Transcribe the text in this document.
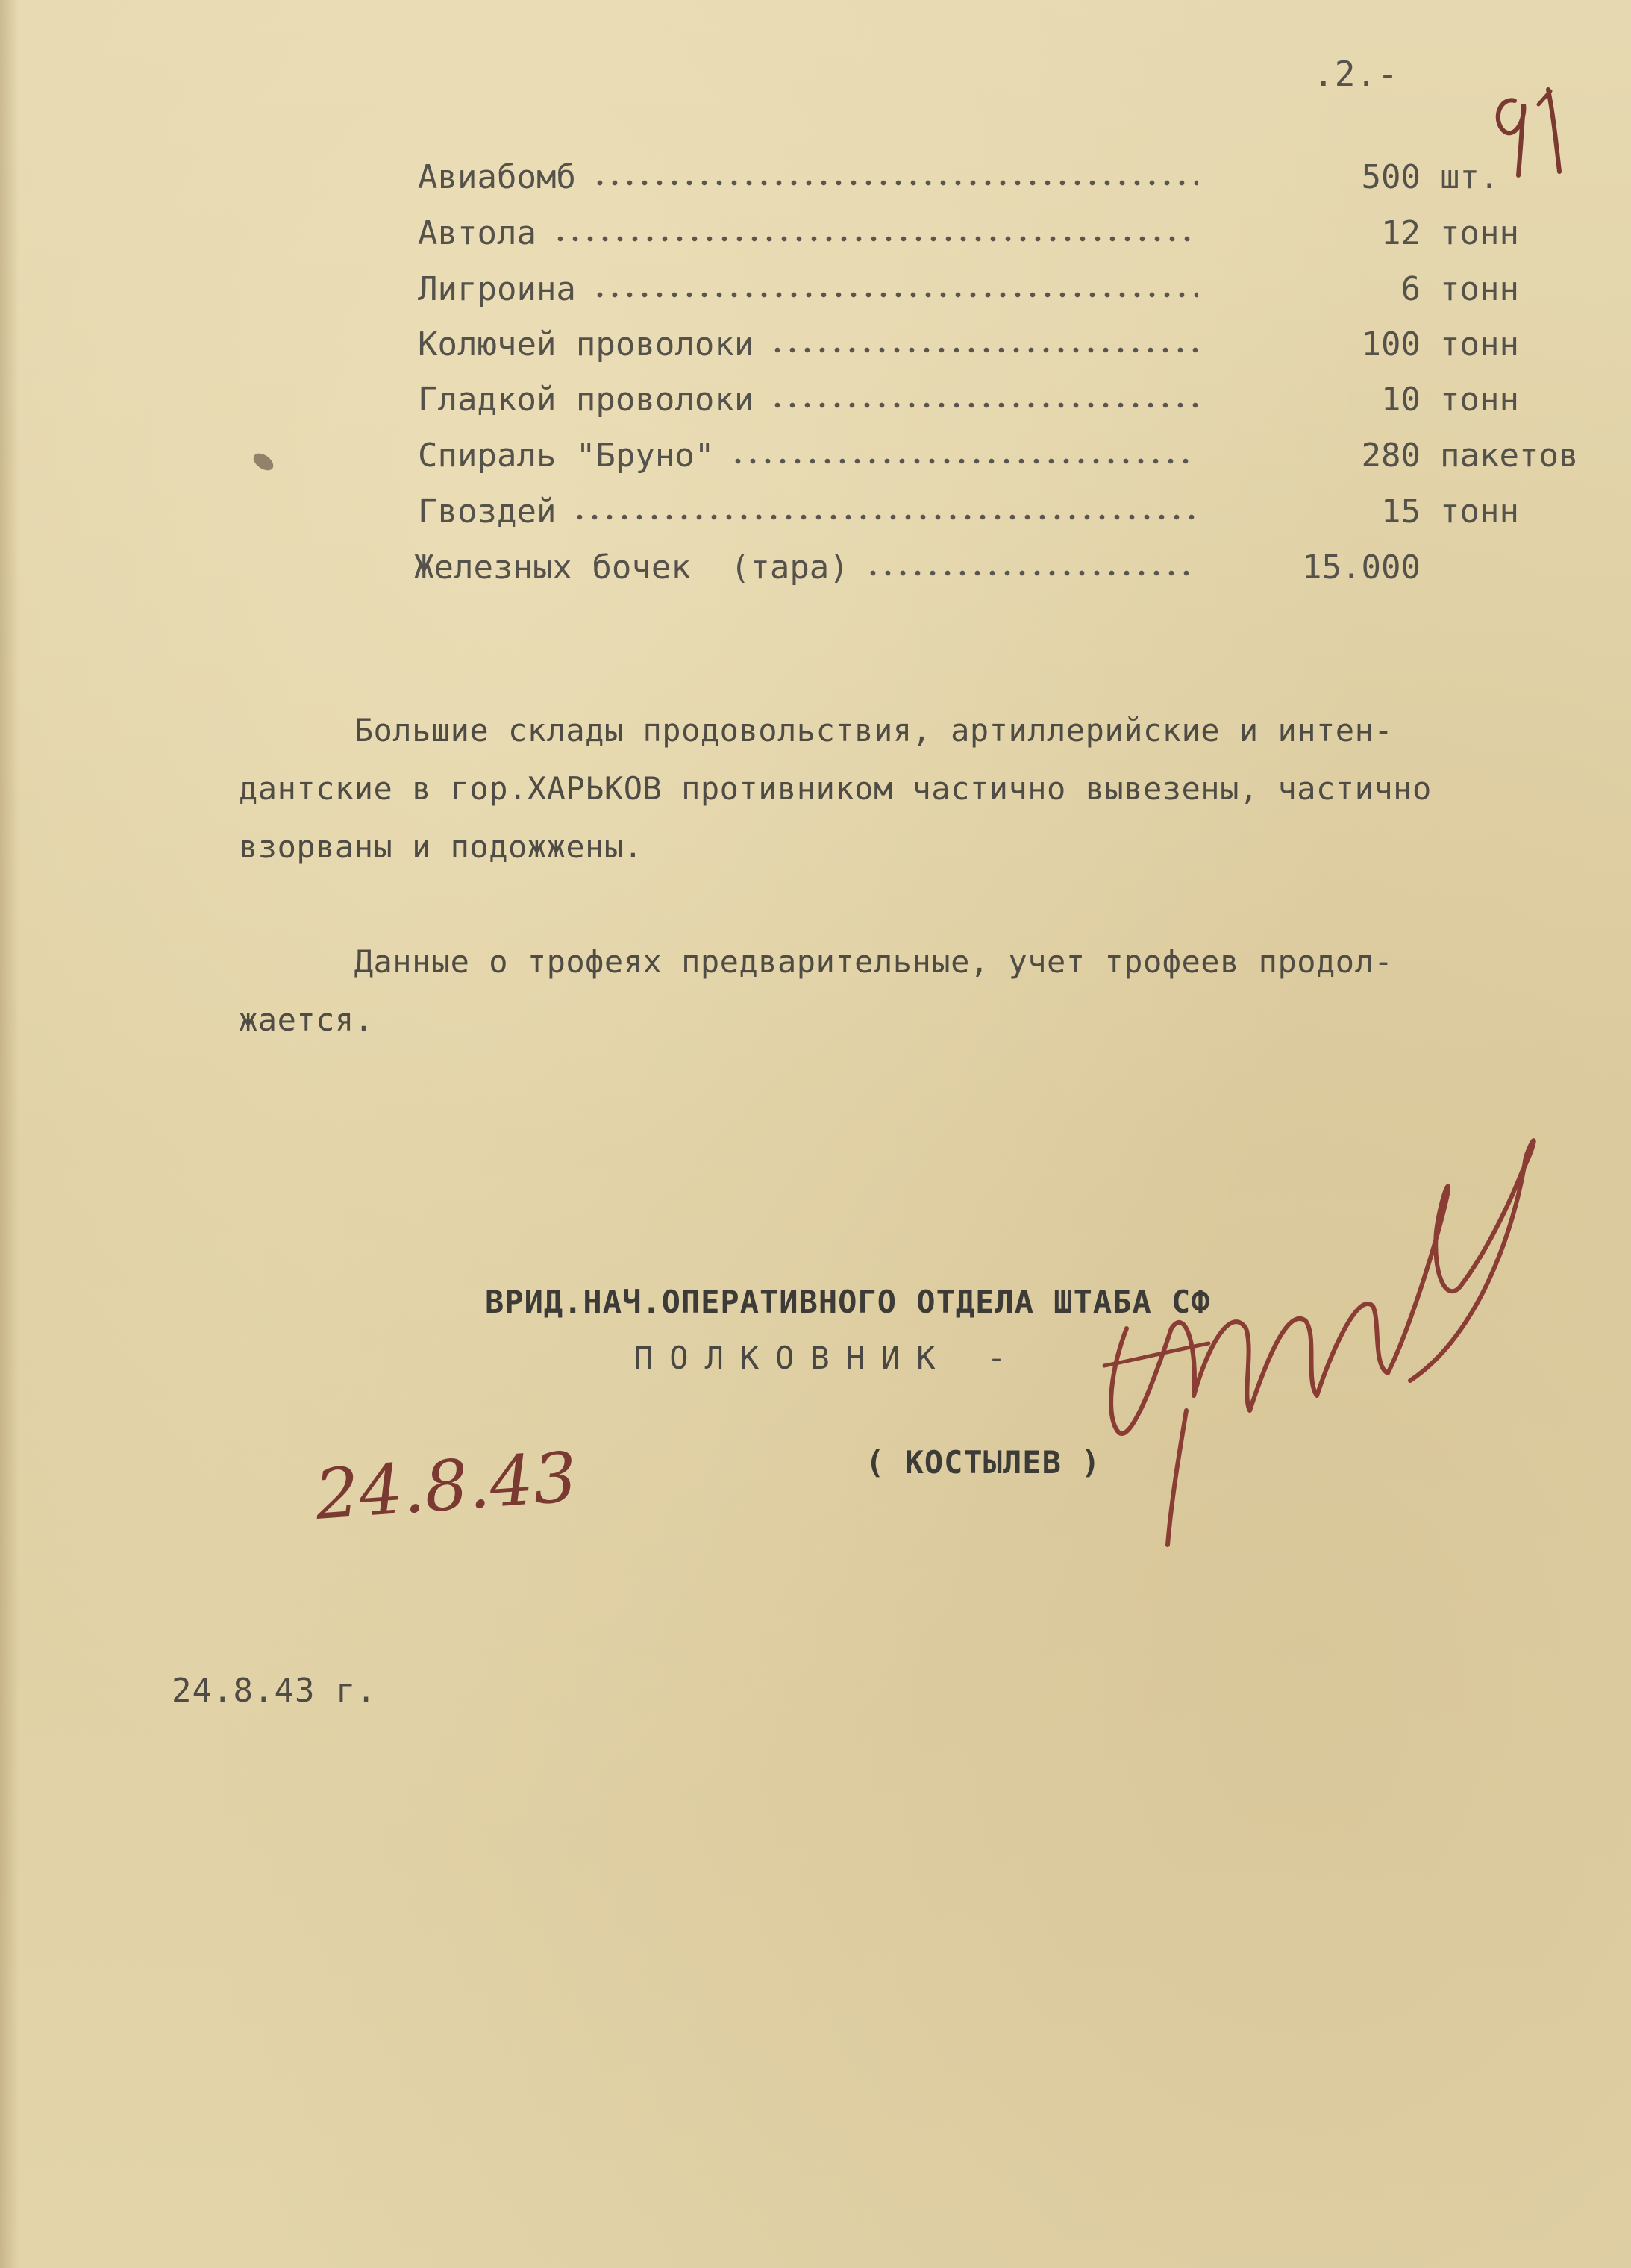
.2.-
Авиабомб	500 шт.
Автола	12 тонн
Лигроина	6 тонн
Колючей проволоки	100 тонн
Гладкой проволоки	10 тонн
Спираль "Бруно"	280 пакетов
Гвоздей	15 тонн
Железных бочек  (тара)	15.000
Большие склады продовольствия, артиллерийские и интен-
дантские в гор.ХАРЬКОВ противником частично вывезены, частично
взорваны и подожжены.
Данные о трофеях предварительные, учет трофеев продол-
жается.
ВРИД.НАЧ.ОПЕРАТИВНОГО ОТДЕЛА ШТАБА СФ
ПОЛКОВНИК -
( КОСТЫЛЕВ )
24.8.43
24.8.43 г.
